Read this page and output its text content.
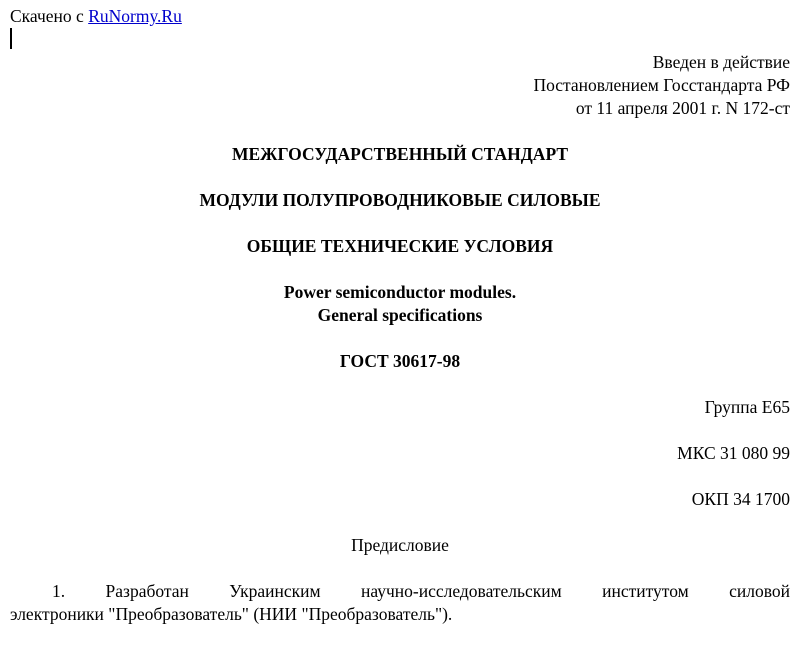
Скачено с RuNormy.Ru
Введен в действие
Постановлением Госстандарта РФ
от 11 апреля 2001 г. N 172-ст
МЕЖГОСУДАРСТВЕННЫЙ СТАНДАРТ
МОДУЛИ ПОЛУПРОВОДНИКОВЫЕ СИЛОВЫЕ
ОБЩИЕ ТЕХНИЧЕСКИЕ УСЛОВИЯ
Power semiconductor modules.
General specifications
ГОСТ 30617-98
Группа Е65
МКС 31 080 99
ОКП 34 1700
Предисловие
1. Разработан Украинским научно-исследовательским институтом силовой
электроники "Преобразователь" (НИИ "Преобразователь").
